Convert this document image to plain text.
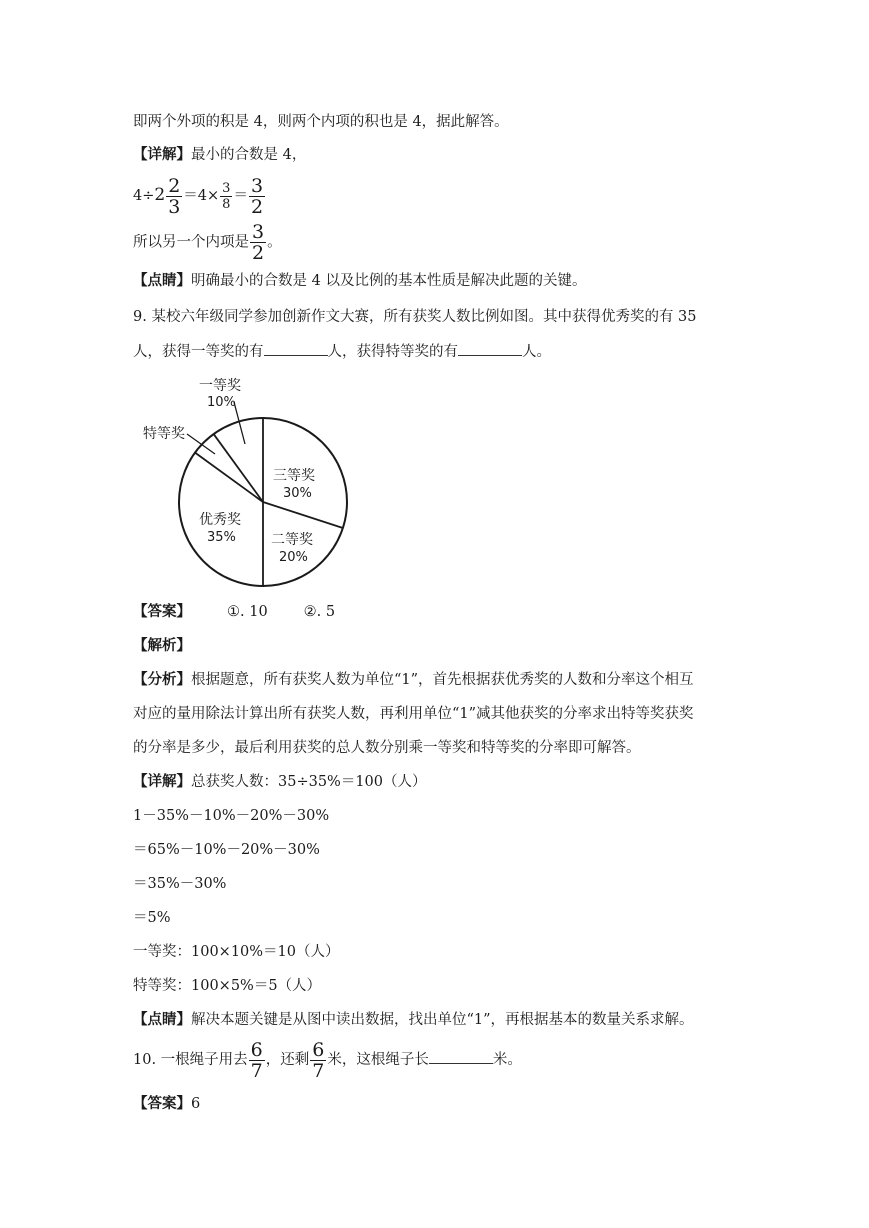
即两个外项的积是 4，则两个内项的积也是 4，据此解答。
【详解】最小的合数是 4，
$4\div 2 \frac{2}{3} =4\times \frac{3}{8} = \frac{3}{2}$
所以另一个内项是 $\frac{3}{2}$ 。
【点睛】明确最小的合数是 4 以及比例的基本性质是解决此题的关键。
9. 某校六年级同学参加创新作文大赛，所有获奖人数比例如图。其中获得优秀奖的有 35
人，获得一等奖的有	人，获得特等奖的有	人。
一等奖
10%
特等奖
三等奖
30%
二等奖
20%
优秀奖
35%
【答案】 ①. 10 ②. 5
【解析】
【分析】根据题意，所有获奖人数为单位“1”，首先根据获优秀奖的人数和分率这个相互
对应的量用除法计算出所有获奖人数，再利用单位“1”减其他获奖的分率求出特等奖获奖
的分率是多少，最后利用获奖的总人数分别乘一等奖和特等奖的分率即可解答。
【详解】总获奖人数：35÷35%＝100（人）
1－35%－10%－20%－30%
＝65%－10%－20%－30%
＝35%－30%
＝5%
一等奖：100×10%＝10（人）
特等奖：100×5%＝5（人）
【点睛】解决本题关键是从图中读出数据，找出单位“1”，再根据基本的数量关系求解。
10. 一根绳子用去 $\frac{6}{7}$ ，还剩 $\frac{6}{7}$ 米，这根绳子长	米。
【答案】6
